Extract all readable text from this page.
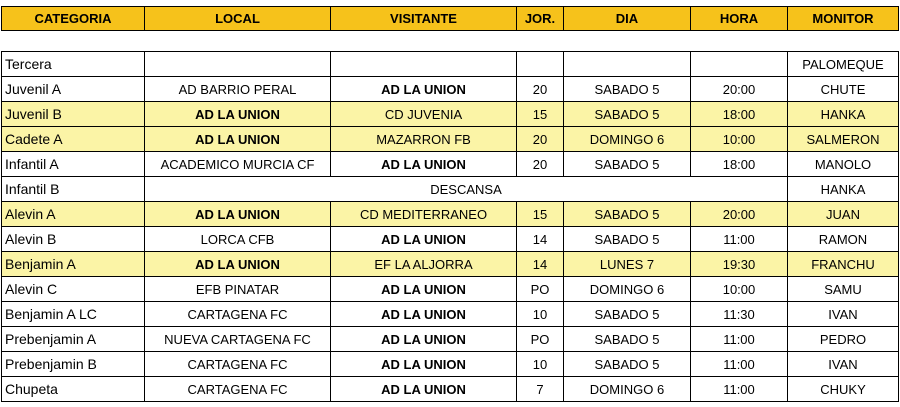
CATEGORIA	LOCAL	VISITANTE	JOR.	DIA	HORA	MONITOR
Tercera						PALOMEQUE
Juvenil A	AD BARRIO PERAL	AD LA UNION	20	SABADO 5	20:00	CHUTE
Juvenil B	AD LA UNION	CD JUVENIA	15	SABADO 5	18:00	HANKA
Cadete A	AD LA UNION	MAZARRON FB	20	DOMINGO 6	10:00	SALMERON
Infantil A	ACADEMICO MURCIA CF	AD LA UNION	20	SABADO 5	18:00	MANOLO
Infantil B	DESCANSA					HANKA
Alevin A	AD LA UNION	CD MEDITERRANEO	15	SABADO 5	20:00	JUAN
Alevin B	LORCA CFB	AD LA UNION	14	SABADO 5	11:00	RAMON
Benjamin A	AD LA UNION	EF LA ALJORRA	14	LUNES 7	19:30	FRANCHU
Alevin C	EFB PINATAR	AD LA UNION	PO	DOMINGO 6	10:00	SAMU
Benjamin A LC	CARTAGENA FC	AD LA UNION	10	SABADO 5	11:30	IVAN
Prebenjamin A	NUEVA CARTAGENA FC	AD LA UNION	PO	SABADO 5	11:00	PEDRO
Prebenjamin B	CARTAGENA FC	AD LA UNION	10	SABADO 5	11:00	IVAN
Chupeta	CARTAGENA FC	AD LA UNION	7	DOMINGO 6	11:00	CHUKY
